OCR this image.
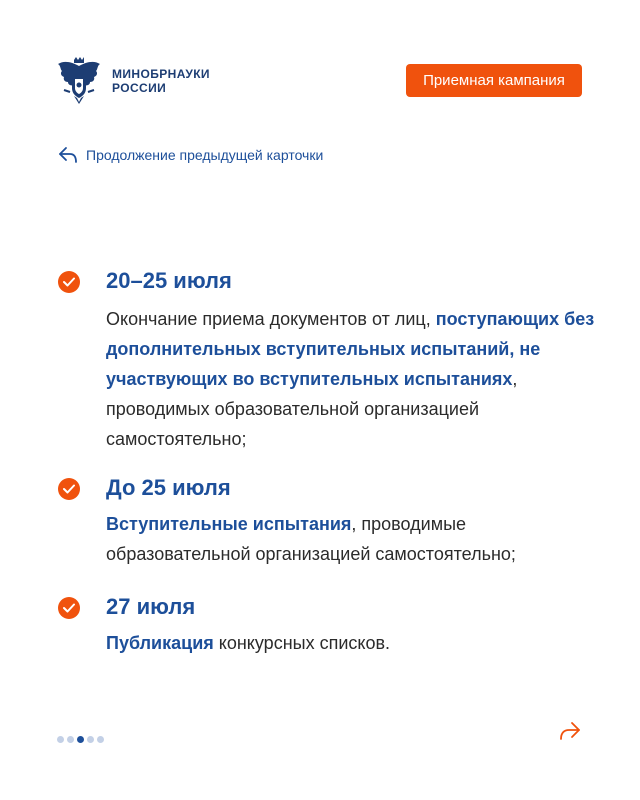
МИНОБРНАУКИ
РОССИИ	Приемная кампания
Продолжение предыдущей карточки
20–25 июля
Окончание приема документов от лиц, поступающих без дополнительных вступительных испытаний, не участвующих во вступительных испытаниях, проводимых образовательной организацией самостоятельно;
До 25 июля
Вступительные испытания, проводимые образовательной организацией самостоятельно;
27 июля
Публикация конкурсных списков.
